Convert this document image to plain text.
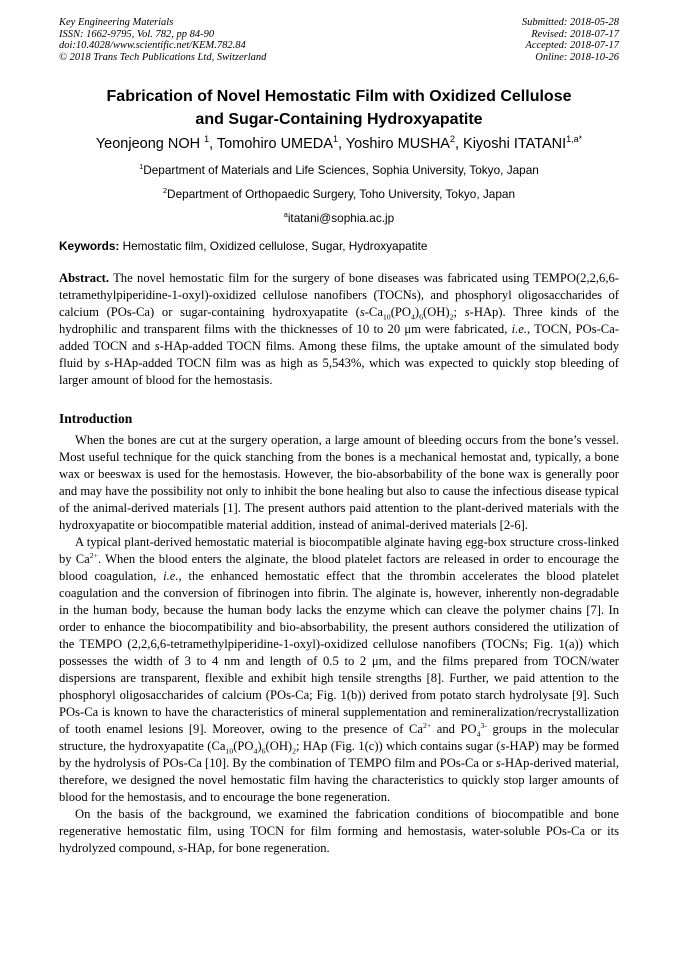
Key Engineering Materials
ISSN: 1662-9795, Vol. 782, pp 84-90
doi:10.4028/www.scientific.net/KEM.782.84
© 2018 Trans Tech Publications Ltd, Switzerland
Submitted: 2018-05-28
Revised: 2018-07-17
Accepted: 2018-07-17
Online: 2018-10-26
Fabrication of Novel Hemostatic Film with Oxidized Cellulose
and Sugar-Containing Hydroxyapatite
Yeonjeong NOH $^1$, Tomohiro UMEDA$^1$, Yoshiro MUSHA$^2$, Kiyoshi $ITATANI^{1,a*}$
$^1$Department of Materials and Life Sciences, Sophia University, Tokyo, Japan
$^2$Department of Orthopaedic Surgery, Toho University, Tokyo, Japan
$^a$itatani@sophia.ac.jp
Keywords: Hemostatic film, Oxidized cellulose, Sugar, Hydroxyapatite

Abstract. The novel hemostatic film for the surgery of bone diseases was fabricated using TEMPO(2,2,6,6- tetramethylpiperidine-1-oxyl)-oxidized cellulose nanofibers (TOCNs), and phosphoryl oligosaccharides of calcium (POs-Ca) or sugar-containing hydroxyapatite ($s-Ca_{10}(PO_4)_6(OH)_2$; s-HAp). Three kinds of the hydrophilic and transparent films with the thicknesses of 10 to 20 μm were fabricated, i.e., TOCN, POs-Ca-added TOCN and s-HAp-added TOCN films. Among these films, the uptake amount of the simulated body fluid by s-HAp-added TOCN film was as high as 5,543%, which was expected to quickly stop bleeding of larger amount of blood for the hemostasis.

Introduction

When the bones are cut at the surgery operation, a large amount of bleeding occurs from the bone’s vessel. Most useful technique for the quick stanching from the bones is a mechanical hemostat and, typically, a bone wax or beeswax is used for the hemostasis. However, the bio-absorbability of the bone wax is generally poor and may have the possibility not only to inhibit the bone healing but also to cause the infectious disease typical of the animal-derived materials [1]. The present authors paid attention to the plant-derived materials with the hydroxyapatite or biocompatible material addition, instead of animal-derived materials [2-6].

A typical plant-derived hemostatic material is biocompatible alginate having egg-box structure cross-linked by $Ca^{2+}$. When the blood enters the alginate, the blood platelet factors are released in order to encourage the blood coagulation, i.e., the enhanced hemostatic effect that the thrombin accelerates the blood platelet coagulation and the conversion of fibrinogen into fibrin. The alginate is, however, inherently non-degradable in the human body, because the human body lacks the enzyme which can cleave the polymer chains [7]. In order to enhance the biocompatibility and bio-absorbability, the present authors considered the utilization of the TEMPO (2,2,6,6-tetramethylpiperidine-1-oxyl)-oxidized cellulose nanofibers (TOCNs; Fig. 1(a)) which possesses the width of 3 to 4 nm and length of 0.5 to 2 μm, and the films prepared from TOCN/water dispersions are transparent, flexible and exhibit high tensile strengths [8]. Further, we paid attention to the phosphoryl oligosaccharides of calcium (POs-Ca; Fig. 1(b)) derived from potato starch hydrolysate [9]. Such POs-Ca is known to have the characteristics of mineral supplementation and remineralization/recrystallization of tooth enamel lesions [9]. Moreover, owing to the presence of $Ca^{2+}$ and $PO_4^{3-}$ groups in the molecular structure, the hydroxyapatite ($Ca_{10}(PO_4)_6(OH)_2$; HAp (Fig. 1(c)) which contains sugar (s-HAP) may be formed by the hydrolysis of POs-Ca [10]. By the combination of TEMPO film and POs-Ca or s-HAp-derived material, therefore, we designed the novel hemostatic film having the characteristics to quickly stop larger amounts of blood for the hemostasis, and to encourage the bone regeneration.

On the basis of the background, we examined the fabrication conditions of biocompatible and bone regenerative hemostatic film, using TOCN for film forming and hemostasis, water-soluble POs-Ca or its hydrolyzed compound, s-HAp, for bone regeneration.
